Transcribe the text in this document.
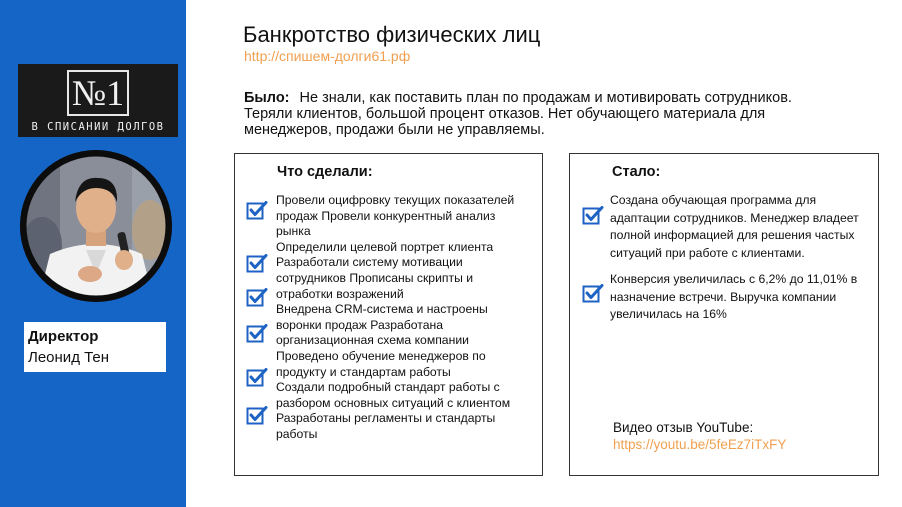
№1
В СПИСАНИИ ДОЛГОВ
Директор
Леонид Тен
Банкротство физических лиц
http://спишем-долги61.рф
Было: Не знали, как поставить план по продажам и мотивировать сотрудников. Теряли клиентов, большой процент отказов. Нет обучающего материала для менеджеров, продажи были не управляемы.
Что сделали:
Провели оцифровку текущих показателей
продаж Провели конкурентный анализ
рынка
Определили целевой портрет клиента
Разработали систему мотивации
сотрудников Прописаны скрипты и
отработки возражений
Внедрена CRM-система и настроены
воронки продаж Разработана
организационная схема компании
Проведено обучение менеджеров по
продукту и стандартам работы
Создали подробный стандарт работы с
разбором основных ситуаций с клиентом
Разработаны регламенты и стандарты
работы
Стало:
Создана обучающая программа для адаптации сотрудников. Менеджер владеет полной информацией для решения частых ситуаций при работе с клиентами.
Конверсия увеличилась с 6,2% до 11,01% в назначение встречи. Выручка компании увеличилась на 16%
Видео отзыв YouTube:
https://youtu.be/5feEz7iTxFY
